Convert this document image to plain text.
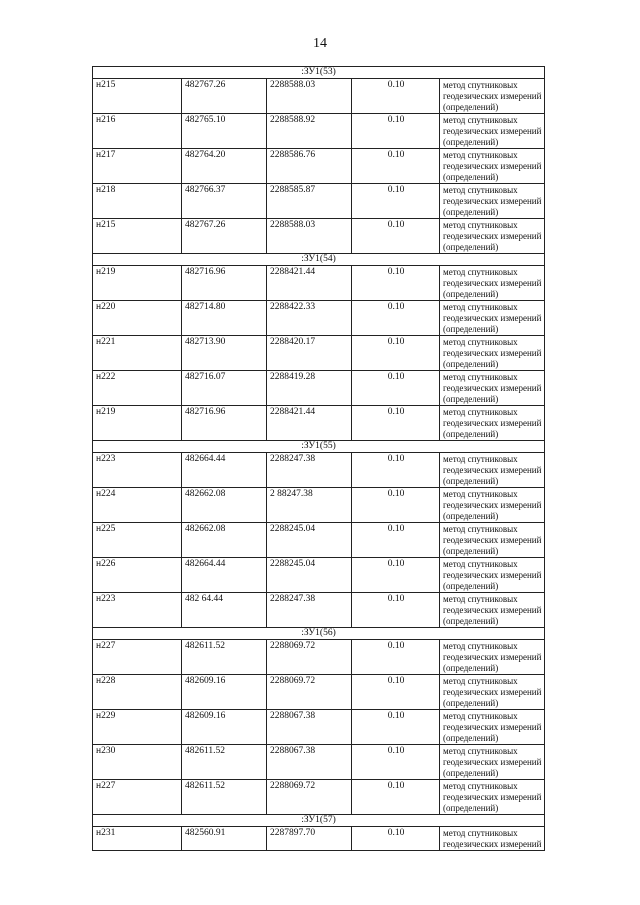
14
:ЗУ1(53)				
н215	482767.26	2288588.03	0.10	метод спутниковых
геодезических измерений
(определений)

н216	482765.10	2288588.92	0.10	метод спутниковых
геодезических измерений
(определений)

н217	482764.20	2288586.76	0.10	метод спутниковых
геодезических измерений
(определений)

н218	482766.37	2288585.87	0.10	метод спутниковых
геодезических измерений
(определений)

н215	482767.26	2288588.03	0.10	метод спутниковых
геодезических измерений
(определений)

:ЗУ1(54)				
н219	482716.96	2288421.44	0.10	метод спутниковых
геодезических измерений
(определений)

н220	482714.80	2288422.33	0.10	метод спутниковых
геодезических измерений
(определений)

н221	482713.90	2288420.17	0.10	метод спутниковых
геодезических измерений
(определений)

н222	482716.07	2288419.28	0.10	метод спутниковых
геодезических измерений
(определений)

н219	482716.96	2288421.44	0.10	метод спутниковых
геодезических измерений
(определений)

:ЗУ1(55)				
н223	482664.44	2288247.38	0.10	метод спутниковых
геодезических измерений
(определений)

н224	482662.08	2 88247.38	0.10	метод спутниковых
геодезических измерений
(определений)

н225	482662.08	2288245.04	0.10	метод спутниковых
геодезических измерений
(определений)

н226	482664.44	2288245.04	0.10	метод спутниковых
геодезических измерений
(определений)

н223	482 64.44	2288247.38	0.10	метод спутниковых
геодезических измерений
(определений)

:ЗУ1(56)				
н227	482611.52	2288069.72	0.10	метод спутниковых
геодезических измерений
(определений)

н228	482609.16	2288069.72	0.10	метод спутниковых
геодезических измерений
(определений)

н229	482609.16	2288067.38	0.10	метод спутниковых
геодезических измерений
(определений)

н230	482611.52	2288067.38	0.10	метод спутниковых
геодезических измерений
(определений)

н227	482611.52	2288069.72	0.10	метод спутниковых
геодезических измерений
(определений)

:ЗУ1(57)				
н231	482560.91	2287897.70	0.10	метод спутниковых
геодезических измерений
